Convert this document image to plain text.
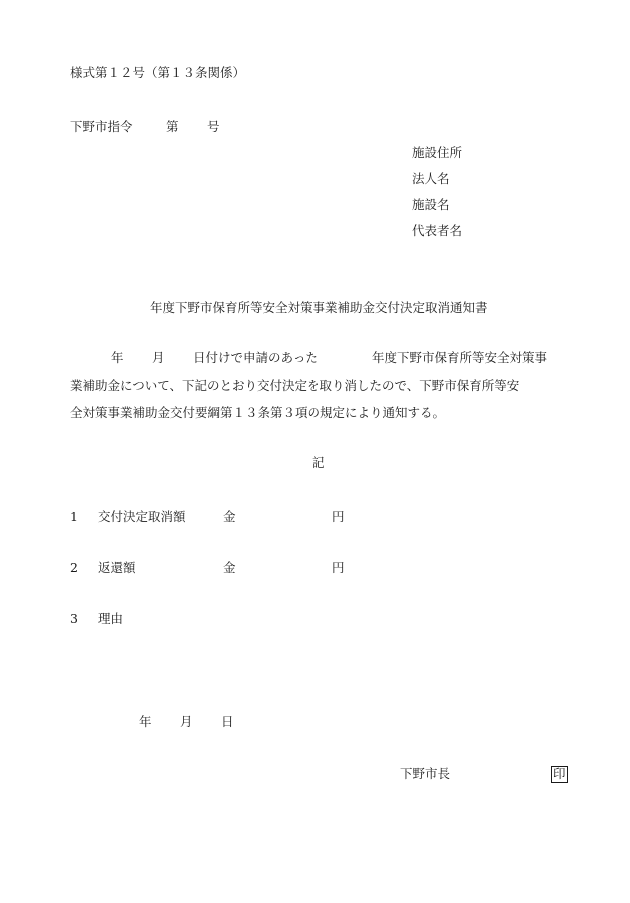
様式第１２号（第１３条関係）
下野市指令	第 号
施設住所
法人名
施設名
代表者名
年度下野市保育所等安全対策事業補助金交付決定取消通知書
年 月 日付けで申請のあった	年度下野市保育所等安全対策事
業補助金について、下記のとおり交付決定を取り消したので、下野市保育所等安
全対策事業補助金交付要綱第１３条第３項の規定により通知する。
記
1 交付決定取消額	金	円
2 返還額	金	円
3 理由
年 月 日
下野市長	印
